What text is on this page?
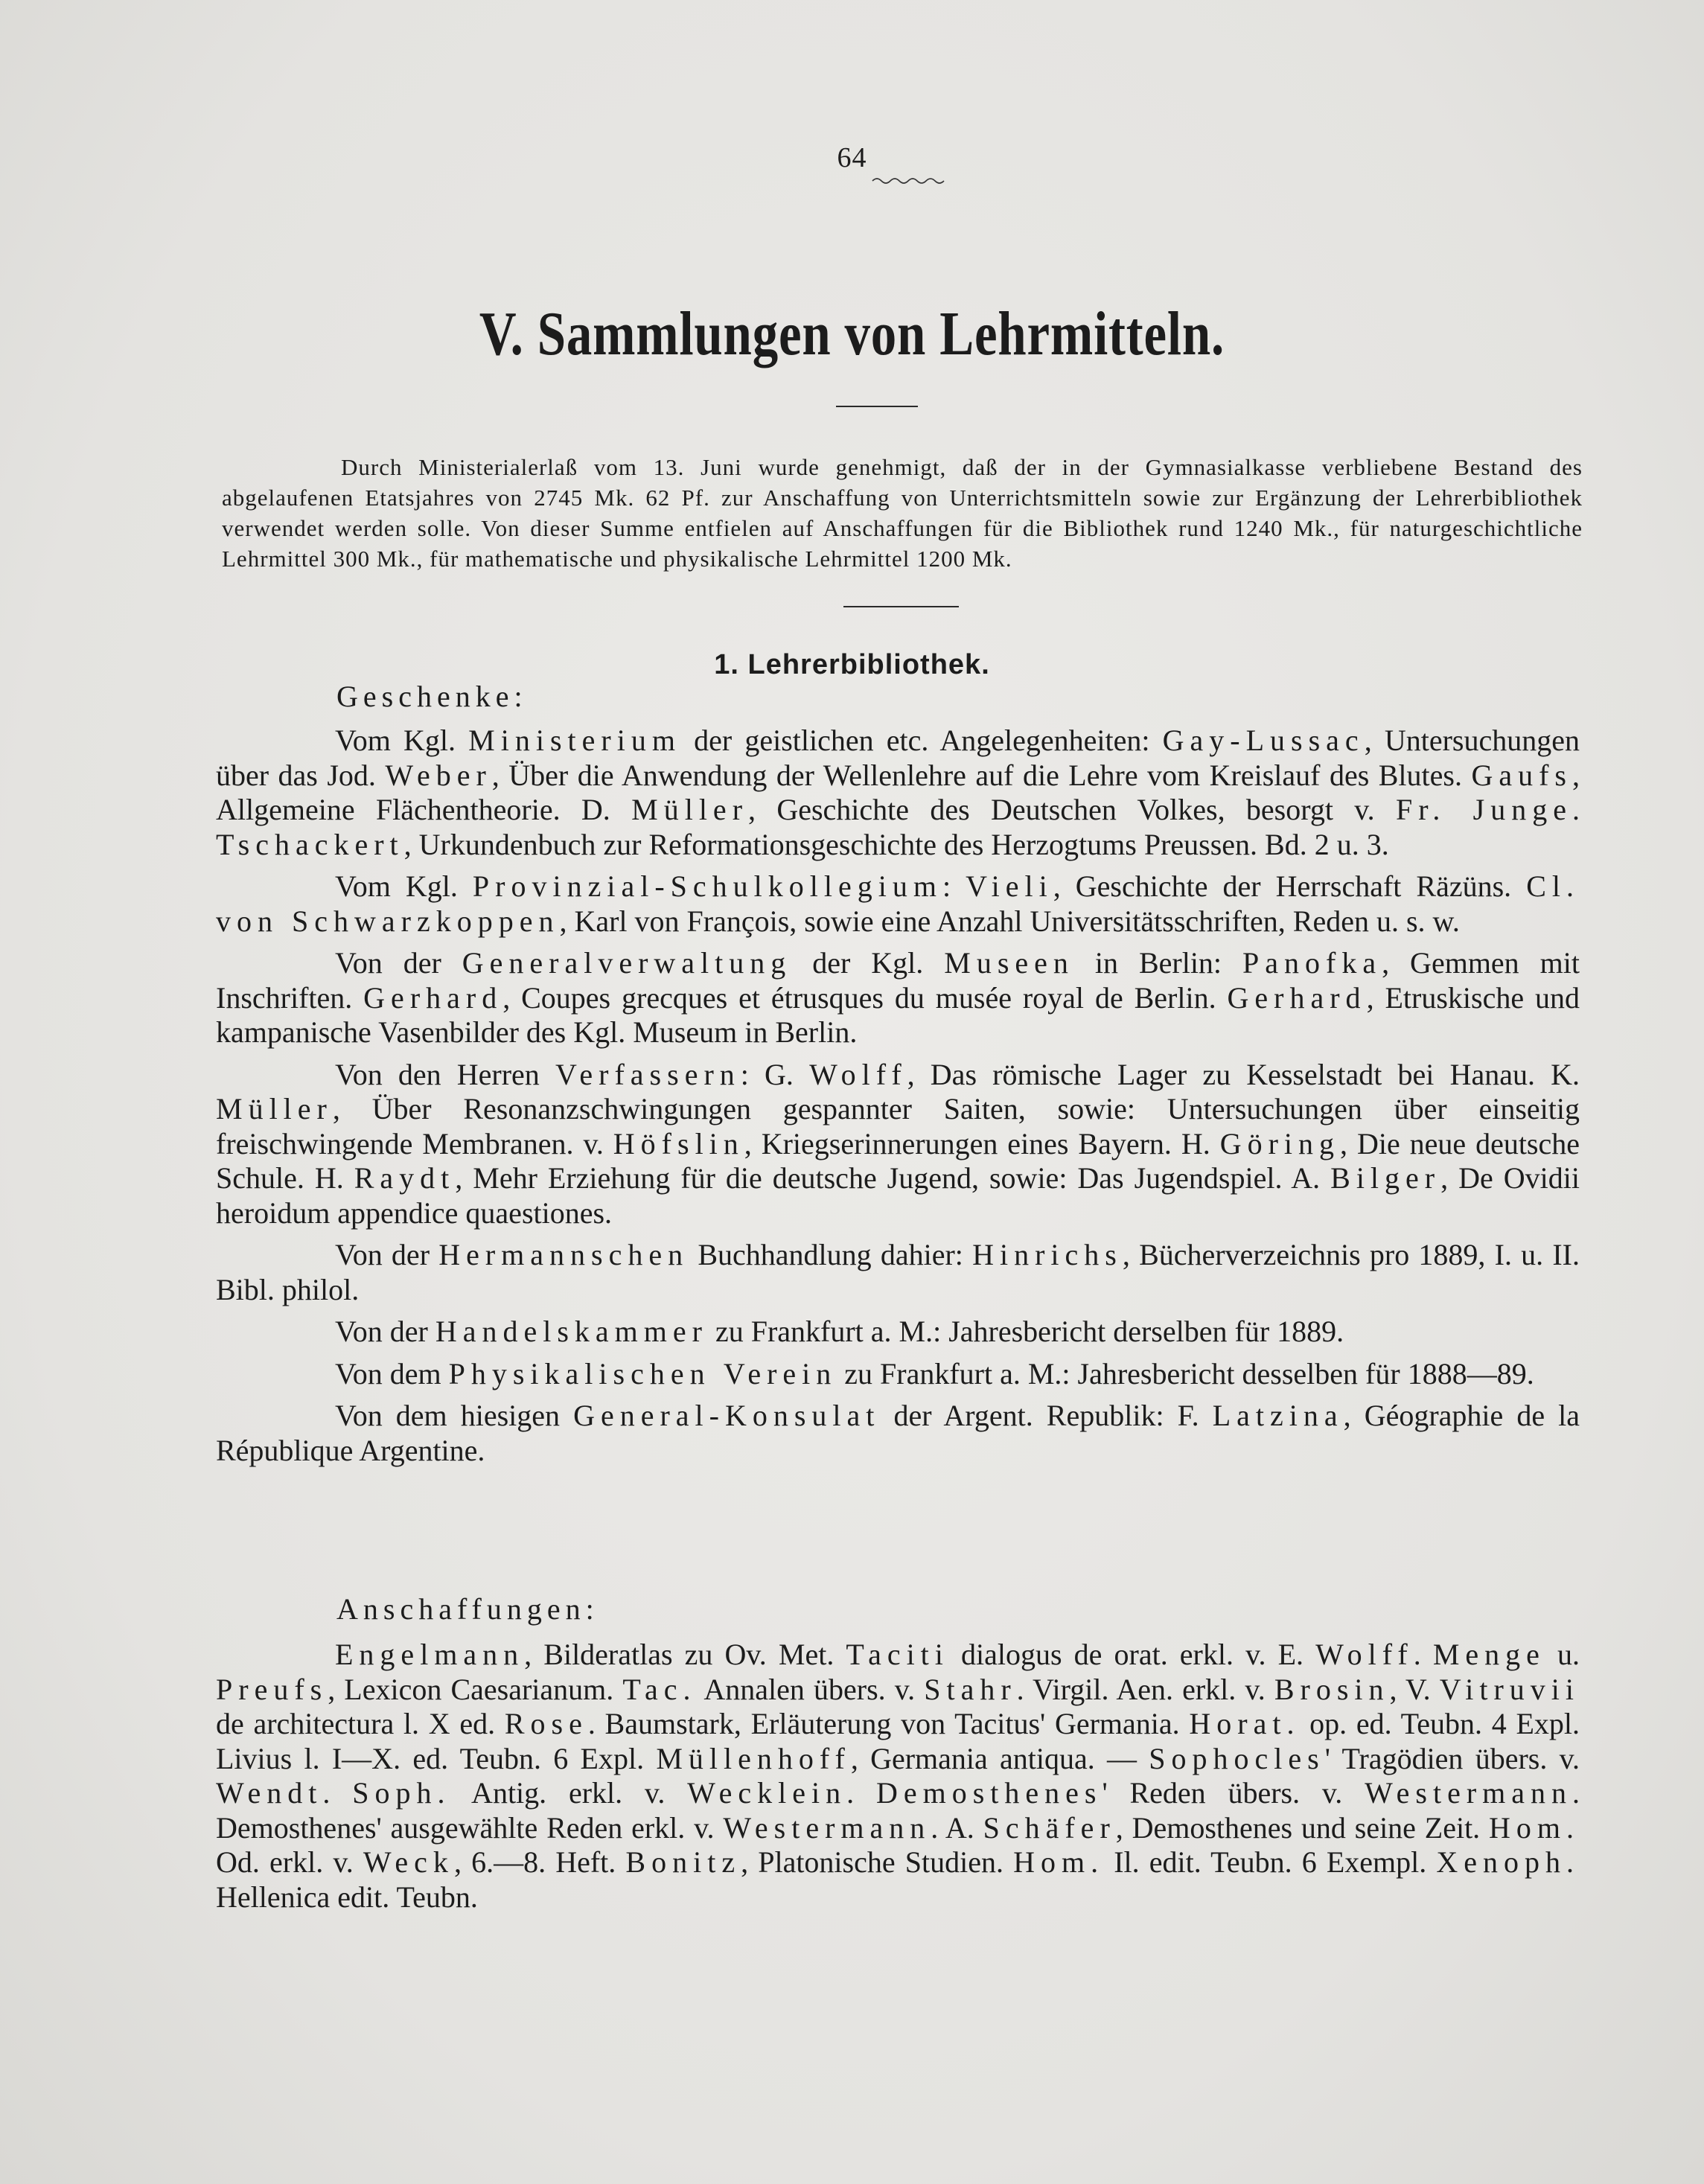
64
V. Sammlungen von Lehrmitteln.

Durch Ministerialerlaß vom 13. Juni wurde genehmigt, daß der in der Gymnasialkasse verbliebene Bestand des abgelaufenen Etatsjahres von 2745 Mk. 62 Pf. zur Anschaffung von Unterrichtsmitteln sowie zur Ergänzung der Lehrerbibliothek verwendet werden solle. Von dieser Summe entfielen auf Anschaffungen für die Bibliothek rund 1240 Mk., für naturgeschichtliche Lehrmittel 300 Mk., für mathematische und physikalische Lehrmittel 1200 Mk.

1. Lehrerbibliothek.
Geschenke:

Vom Kgl. Ministerium der geistlichen etc. Angelegenheiten: Gay-Lussac, Untersuchungen über das Jod. Weber, Über die Anwendung der Wellenlehre auf die Lehre vom Kreislauf des Blutes. Gaufs, Allgemeine Flächentheorie. D. Müller, Geschichte des Deutschen Volkes, besorgt v. Fr. Junge. Tschackert, Urkundenbuch zur Reformationsgeschichte des Herzogtums Preussen. Bd. 2 u. 3.

Vom Kgl. Provinzial-Schulkollegium: Vieli, Geschichte der Herrschaft Räzüns. Cl. von Schwarzkoppen, Karl von François, sowie eine Anzahl Universitätsschriften, Reden u. s. w.

Von der Generalverwaltung der Kgl. Museen in Berlin: Panofka, Gemmen mit Inschriften. Gerhard, Coupes grecques et étrusques du musée royal de Berlin. Gerhard, Etruskische und kampanische Vasenbilder des Kgl. Museum in Berlin.

Von den Herren Verfassern: G. Wolff, Das römische Lager zu Kesselstadt bei Hanau. K. Müller, Über Resonanzschwingungen gespannter Saiten, sowie: Untersuchungen über einseitig freischwingende Membranen. v. Höfslin, Kriegserinnerungen eines Bayern. H. Göring, Die neue deutsche Schule. H. Raydt, Mehr Erziehung für die deutsche Jugend, sowie: Das Jugendspiel. A. Bilger, De Ovidii heroidum appendice quaestiones.

Von der Hermannschen Buchhandlung dahier: Hinrichs, Bücherverzeichnis pro 1889, I. u. II. Bibl. philol.

Von der Handelskammer zu Frankfurt a. M.: Jahresbericht derselben für 1889.

Von dem Physikalischen Verein zu Frankfurt a. M.: Jahresbericht desselben für 1888—89.

Von dem hiesigen General-Konsulat der Argent. Republik: F. Latzina, Géographie de la République Argentine.

Anschaffungen:

Engelmann, Bilderatlas zu Ov. Met. Taciti dialogus de orat. erkl. v. E. Wolff. Menge u. Preufs, Lexicon Caesarianum. Tac. Annalen übers. v. Stahr. Virgil. Aen. erkl. v. Brosin, V. Vitruvii de architectura l. X ed. Rose. Baumstark, Erläuterung von Tacitus' Germania. Horat. op. ed. Teubn. 4 Expl. Livius l. I—X. ed. Teubn. 6 Expl. Müllenhoff, Germania antiqua. — Sophocles' Tragödien übers. v. Wendt. Soph. Antig. erkl. v. Wecklein. Demosthenes' Reden übers. v. Westermann. Demosthenes' ausgewählte Reden erkl. v. Westermann. A. Schäfer, Demosthenes und seine Zeit. Hom. Od. erkl. v. Weck, 6.—8. Heft. Bonitz, Platonische Studien. Hom. Il. edit. Teubn. 6 Exempl. Xenoph. Hellenica edit. Teubn.
